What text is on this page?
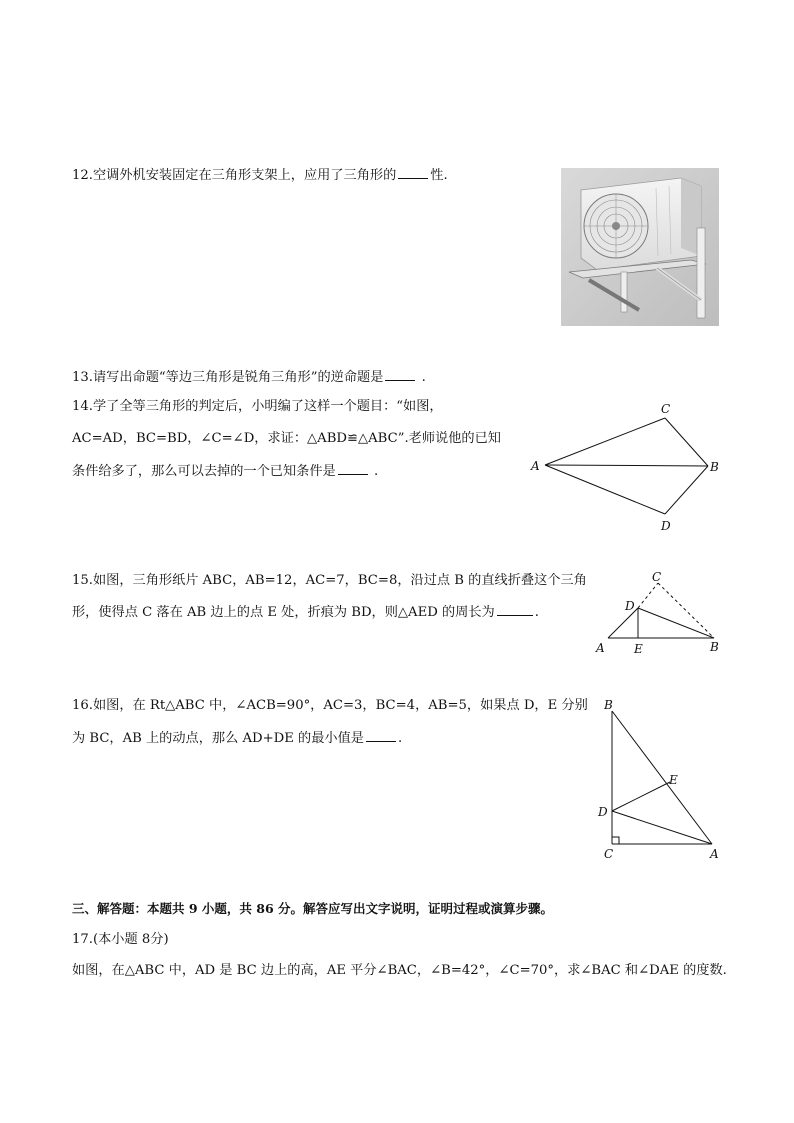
12.空调外机安装固定在三角形支架上，应用了三角形的	性.
13.请写出命题“等边三角形是锐角三角形”的逆命题是	.
14.学了全等三角形的判定后，小明编了这样一个题目：“如图，
AC=AD，BC=BD，∠C=∠D，求证：△ABD≌△ABC”.老师说他的已知
条件给多了，那么可以去掉的一个已知条件是	.
C
A	B
D
15.如图，三角形纸片 ABC，AB=12，AC=7，BC=8，沿过点 B 的直线折叠这个三角
形，使得点 C 落在 AB 边上的点 E 处，折痕为 BD，则△AED 的周长为	.
C
D
A E	B
16.如图，在 Rt△ABC 中，∠ACB=90°，AC=3，BC=4，AB=5，如果点 D，E 分别
为 BC，AB 上的动点，那么 AD+DE 的最小值是	.
B
E
D
C	A
三、解答题：本题共 9 小题，共 86 分。解答应写出文字说明，证明过程或演算步骤。
17.(本小题 8分)
如图，在△ABC 中，AD 是 BC 边上的高，AE 平分∠BAC，∠B=42°，∠C=70°，求∠BAC 和∠DAE 的度数.
